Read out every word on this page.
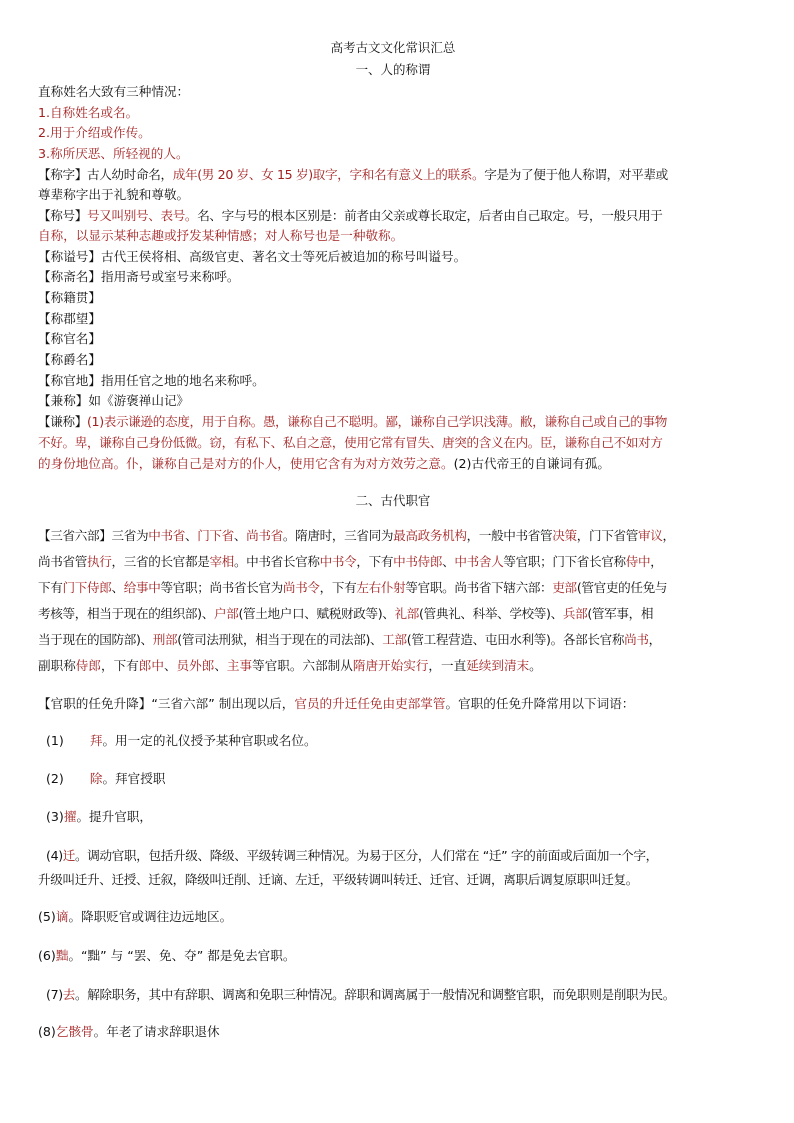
高考古文文化常识汇总
一、人的称谓
直称姓名大致有三种情况：
1.自称姓名或名。
2.用于介绍或作传。
3.称所厌恶、所轻视的人。
【称字】古人幼时命名，成年(男 20 岁、女 15 岁)取字，字和名有意义上的联系。字是为了便于他人称谓，对平辈或
尊辈称字出于礼貌和尊敬。
【称号】号又叫别号、表号。名、字与号的根本区别是：前者由父亲或尊长取定，后者由自己取定。号，一般只用于
自称，以显示某种志趣或抒发某种情感；对人称号也是一种敬称。
【称谥号】古代王侯将相、高级官吏、著名文士等死后被追加的称号叫谥号。
【称斋名】指用斋号或室号来称呼。
【称籍贯】
【称郡望】
【称官名】
【称爵名】
【称官地】指用任官之地的地名来称呼。
【兼称】如《游褒禅山记》
【谦称】(1)表示谦逊的态度，用于自称。愚，谦称自己不聪明。鄙，谦称自己学识浅薄。敝，谦称自己或自己的事物
不好。卑，谦称自己身份低微。窃，有私下、私自之意，使用它常有冒失、唐突的含义在内。臣，谦称自己不如对方
的身份地位高。仆，谦称自己是对方的仆人，使用它含有为对方效劳之意。(2)古代帝王的自谦词有孤。
二、古代职官
【三省六部】三省为中书省、门下省、尚书省。隋唐时，三省同为最高政务机构，一般中书省管决策，门下省管审议，
尚书省管执行，三省的长官都是宰相。中书省长官称中书令，下有中书侍郎、中书舍人等官职；门下省长官称侍中，
下有门下侍郎、给事中等官职；尚书省长官为尚书令，下有左右仆射等官职。尚书省下辖六部：吏部(管官吏的任免与
考核等，相当于现在的组织部)、户部(管土地户口、赋税财政等)、礼部(管典礼、科举、学校等)、兵部(管军事，相
当于现在的国防部)、刑部(管司法刑狱，相当于现在的司法部)、工部(管工程营造、屯田水利等)。各部长官称尚书，
副职称侍郎，下有郎中、员外郎、主事等官职。六部制从隋唐开始实行，一直延续到清末。
【官职的任免升降】“三省六部” 制出现以后，官员的升迁任免由吏部掌管。官职的任免升降常用以下词语：
(1) 拜。用一定的礼仪授予某种官职或名位。
(2) 除。拜官授职
(3)擢。提升官职，
(4)迁。调动官职，包括升级、降级、平级转调三种情况。为易于区分，人们常在 “迁” 字的前面或后面加一个字，
升级叫迁升、迁授、迁叙，降级叫迁削、迁谪、左迁，平级转调叫转迁、迁官、迁调，离职后调复原职叫迁复。
(5)谪。降职贬官或调往边远地区。
(6)黜。“黜” 与 “罢、免、夺” 都是免去官职。
(7)去。解除职务，其中有辞职、调离和免职三种情况。辞职和调离属于一般情况和调整官职，而免职则是削职为民。
(8)乞骸骨。年老了请求辞职退休
